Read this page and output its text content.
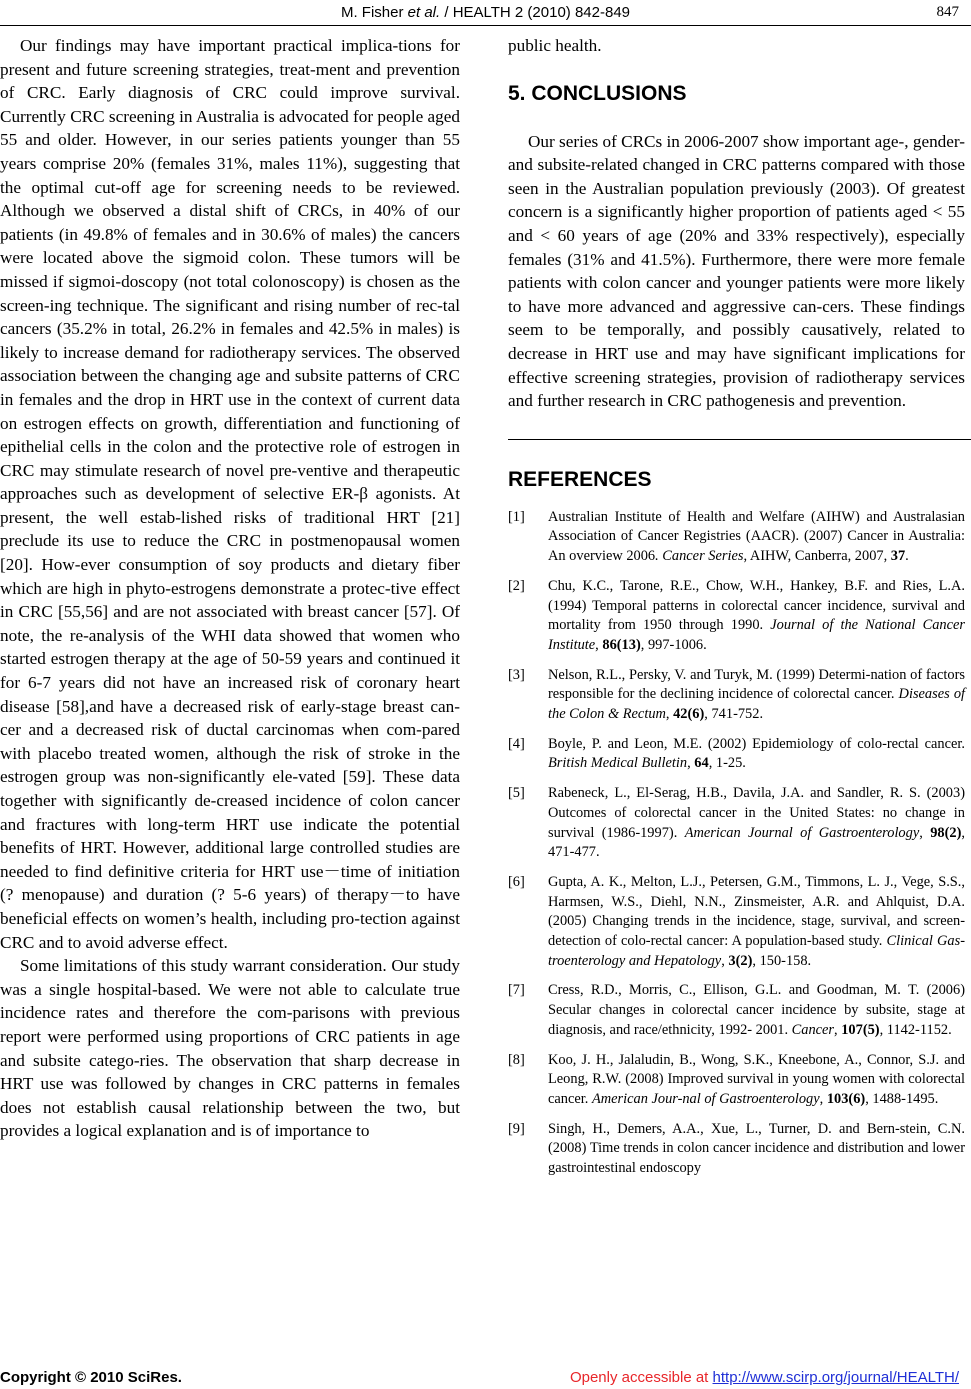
M. Fisher et al. / HEALTH 2 (2010) 842-849	847

Our findings may have important practical implica-tions for present and future screening strategies, treat-ment and prevention of CRC. Early diagnosis of CRC could improve survival. Currently CRC screening in Australia is advocated for people aged 55 and older. However, in our series patients younger than 55 years comprise 20% (females 31%, males 11%), suggesting that the optimal cut-off age for screening needs to be reviewed. Although we observed a distal shift of CRCs, in 40% of our patients (in 49.8% of females and in 30.6% of males) the cancers were located above the sigmoid colon. These tumors will be missed if sigmoi-doscopy (not total colonoscopy) is chosen as the screen-ing technique. The significant and rising number of rec-tal cancers (35.2% in total, 26.2% in females and 42.5% in males) is likely to increase demand for radiotherapy services. The observed association between the changing age and subsite patterns of CRC in females and the drop in HRT use in the context of current data on estrogen effects on growth, differentiation and functioning of epithelial cells in the colon and the protective role of estrogen in CRC may stimulate research of novel pre-ventive and therapeutic approaches such as development of selective ER-β agonists. At present, the well estab-lished risks of traditional HRT [21] preclude its use to reduce the CRC in postmenopausal women [20]. How-ever consumption of soy products and dietary fiber which are high in phyto-estrogens demonstrate a protec-tive effect in CRC [55,56] and are not associated with breast cancer [57]. Of note, the re-analysis of the WHI data showed that women who started estrogen therapy at the age of 50-59 years and continued it for 6-7 years did not have an increased risk of coronary heart disease [58],and have a decreased risk of early-stage breast can-cer and a decreased risk of ductal carcinomas when com-pared with placebo treated women, although the risk of stroke in the estrogen group was non-significantly ele-vated [59]. These data together with significantly de-creased incidence of colon cancer and fractures with long-term HRT use indicate the potential benefits of HRT. However, additional large controlled studies are needed to find definitive criteria for HRT use－time of initiation (? menopause) and duration (? 5-6 years) of therapy－to have beneficial effects on women’s health, including pro-tection against CRC and to avoid adverse effect.

Some limitations of this study warrant consideration. Our study was a single hospital-based. We were not able to calculate true incidence rates and therefore the com-parisons with previous report were performed using proportions of CRC patients in age and subsite catego-ries. The observation that sharp decrease in HRT use was followed by changes in CRC patterns in females does not establish causal relationship between the two, but provides a logical explanation and is of importance to

public health.

5. CONCLUSIONS

Our series of CRCs in 2006-2007 show important age-, gender- and subsite-related changed in CRC patterns compared with those seen in the Australian population previously (2003). Of greatest concern is a significantly higher proportion of patients aged < 55 and < 60 years of age (20% and 33% respectively), especially females (31% and 41.5%). Furthermore, there were more female patients with colon cancer and younger patients were more likely to have more advanced and aggressive can-cers. These findings seem to be temporally, and possibly causatively, related to decrease in HRT use and may have significant implications for effective screening strategies, provision of radiotherapy services and further research in CRC pathogenesis and prevention.

REFERENCES
[1]	Australian Institute of Health and Welfare (AIHW) and Australasian Association of Cancer Registries (AACR). (2007) Cancer in Australia: An overview 2006. Cancer Series, AIHW, Canberra, 2007, 37.
[2]	Chu, K.C., Tarone, R.E., Chow, W.H., Hankey, B.F. and Ries, L.A. (1994) Temporal patterns in colorectal cancer incidence, survival and mortality from 1950 through 1990. Journal of the National Cancer Institute, 86(13), 997-1006.
[3]	Nelson, R.L., Persky, V. and Turyk, M. (1999) Determi-nation of factors responsible for the declining incidence of colorectal cancer. Diseases of the Colon & Rectum, 42(6), 741-752.
[4]	Boyle, P. and Leon, M.E. (2002) Epidemiology of colo-rectal cancer. British Medical Bulletin, 64, 1-25.
[5]	Rabeneck, L., El-Serag, H.B., Davila, J.A. and Sandler, R. S. (2003) Outcomes of colorectal cancer in the United States: no change in survival (1986-1997). American Journal of Gastroenterology, 98(2), 471-477.
[6]	Gupta, A. K., Melton, L.J., Petersen, G.M., Timmons, L. J., Vege, S.S., Harmsen, W.S., Diehl, N.N., Zinsmeister, A.R. and Ahlquist, D.A. (2005) Changing trends in the incidence, stage, survival, and screen-detection of colo-rectal cancer: A population-based study. Clinical Gas-troenterology and Hepatology, 3(2), 150-158.
[7]	Cress, R.D., Morris, C., Ellison, G.L. and Goodman, M. T. (2006) Secular changes in colorectal cancer incidence by subsite, stage at diagnosis, and race/ethnicity, 1992- 2001. Cancer, 107(5), 1142-1152.
[8]	Koo, J. H., Jalaludin, B., Wong, S.K., Kneebone, A., Connor, S.J. and Leong, R.W. (2008) Improved survival in young women with colorectal cancer. American Jour-nal of Gastroenterology, 103(6), 1488-1495.
[9]	Singh, H., Demers, A.A., Xue, L., Turner, D. and Bern-stein, C.N. (2008) Time trends in colon cancer incidence and distribution and lower gastrointestinal endoscopy
Copyright © 2010 SciRes.	Openly accessible at http://www.scirp.org/journal/HEALTH/
